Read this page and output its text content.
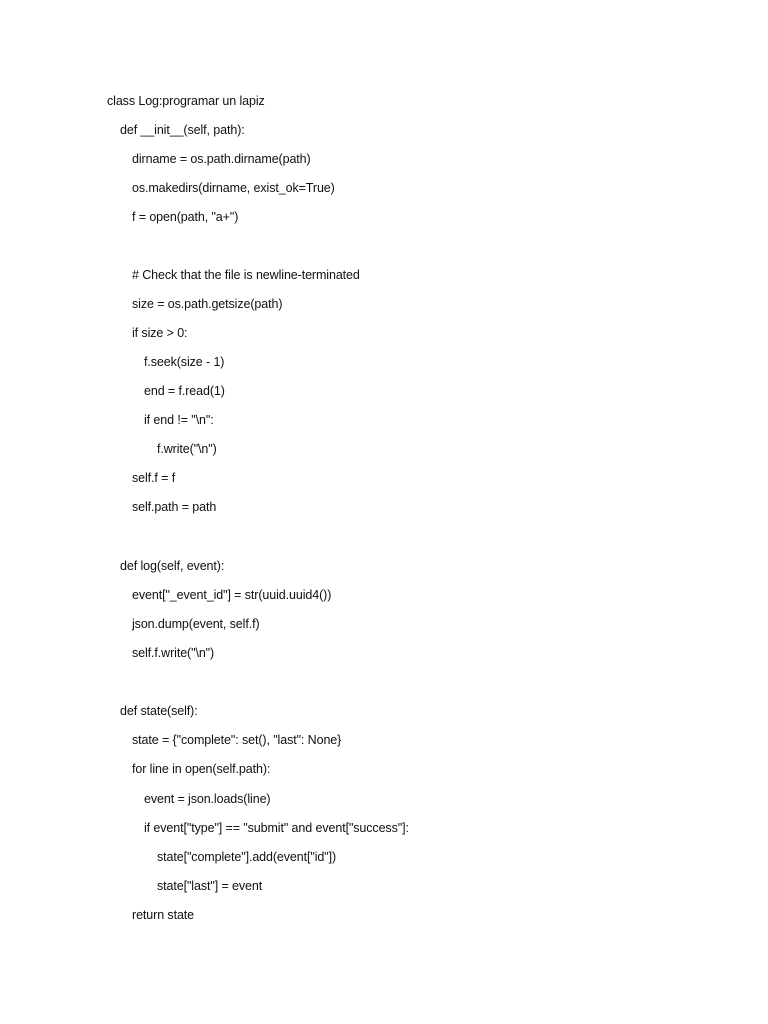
class Log:programar un lapiz
def __init__(self, path):
dirname = os.path.dirname(path)
os.makedirs(dirname, exist_ok=True)
f = open(path, "a+")
# Check that the file is newline-terminated
size = os.path.getsize(path)
if size > 0:
f.seek(size - 1)
end = f.read(1)
if end != "\n":
f.write("\n")
self.f = f
self.path = path
def log(self, event):
event["_event_id"] = str(uuid.uuid4())
json.dump(event, self.f)
self.f.write("\n")
def state(self):
state = {"complete": set(), "last": None}
for line in open(self.path):
event = json.loads(line)
if event["type"] == "submit" and event["success"]:
state["complete"].add(event["id"])
state["last"] = event
return state
